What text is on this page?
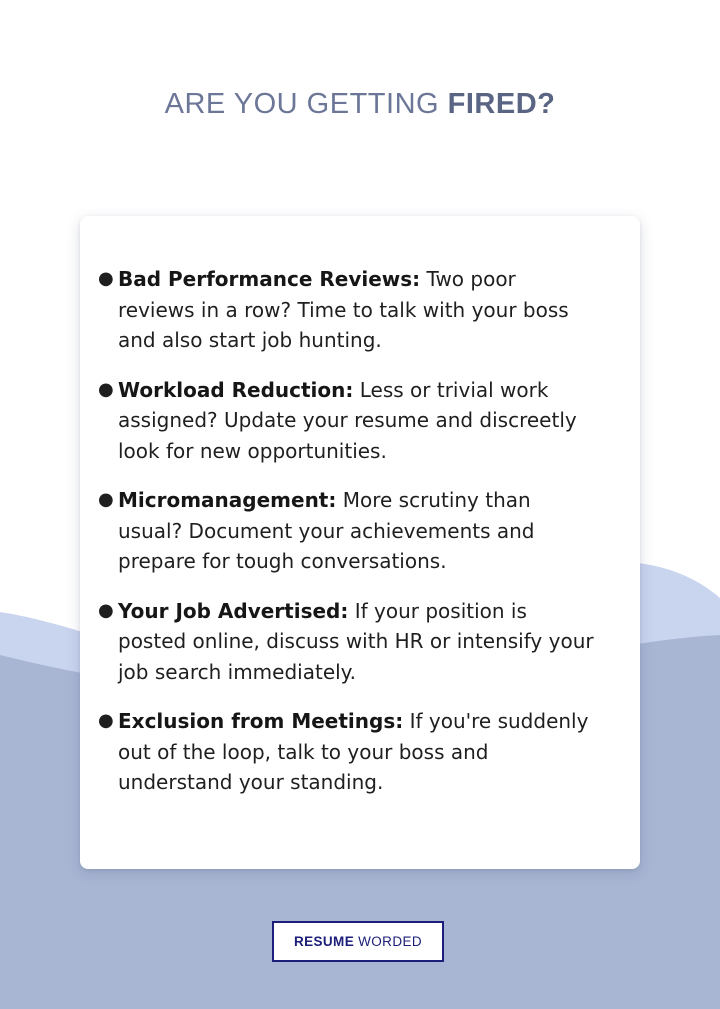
ARE YOU GETTING FIRED?
● Bad Performance Reviews: Two poor reviews in a row? Time to talk with your boss and also start job hunting.
● Workload Reduction: Less or trivial work assigned? Update your resume and discreetly look for new opportunities.
● Micromanagement: More scrutiny than usual? Document your achievements and prepare for tough conversations.
● Your Job Advertised: If your position is posted online, discuss with HR or intensify your job search immediately.
● Exclusion from Meetings: If you're suddenly out of the loop, talk to your boss and understand your standing.
RESUME WORDED
